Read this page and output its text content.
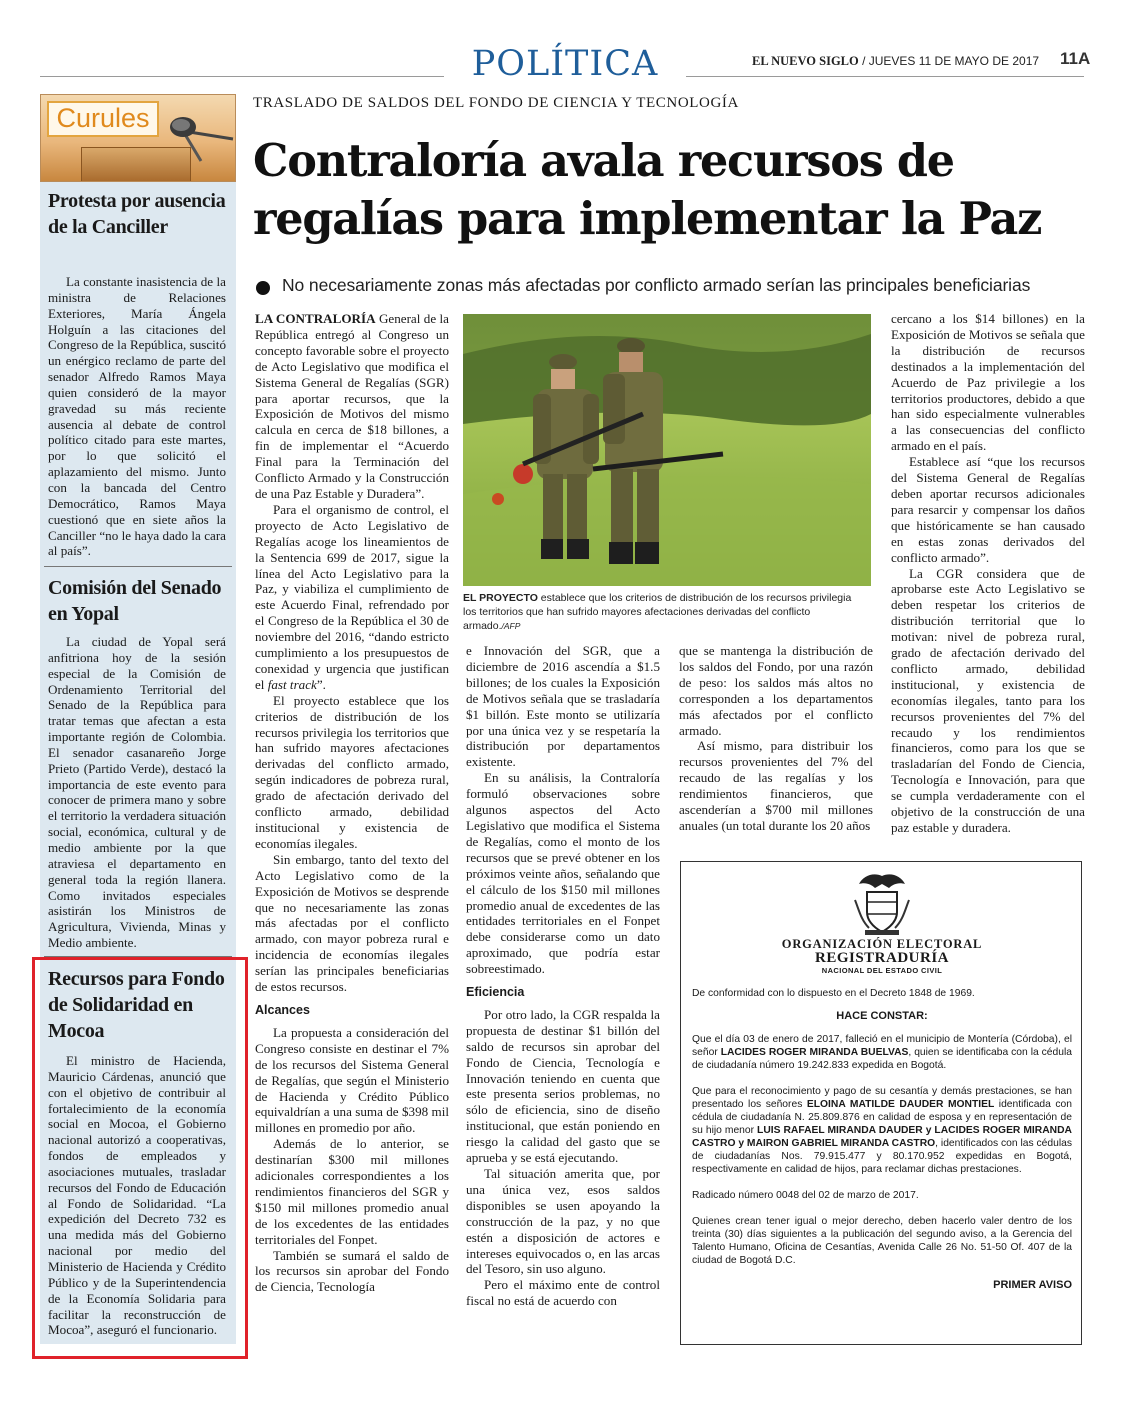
POLÍTICA	EL NUEVO SIGLO / JUEVES 11 DE MAYO DE 2017 11A
Curules
Protesta por ausencia de la Canciller
La constante inasistencia de la ministra de Relaciones Exteriores, María Ángela Holguín a las citaciones del Congreso de la República, suscitó un enérgico reclamo de parte del senador Alfredo Ramos Maya quien consideró de la mayor gravedad su más reciente ausencia al debate de control político citado para este martes, por lo que solicitó el aplazamiento del mismo. Junto con la bancada del Centro Democrático, Ramos Maya cuestionó que en siete años la Canciller “no le haya dado la cara al país”.
Comisión del Senado en Yopal
La ciudad de Yopal será anfitriona hoy de la sesión especial de la Comisión de Ordenamiento Territorial del Senado de la República para tratar temas que afectan a esta importante región de Colombia. El senador casanareño Jorge Prieto (Partido Verde), destacó la importancia de este evento para conocer de primera mano y sobre el territorio la verdadera situación social, económica, cultural y de medio ambiente por la que atraviesa el departamento en general toda la región llanera. Como invitados especiales asistirán los Ministros de Agricultura, Vivienda, Minas y Medio ambiente.
Recursos para Fondo de Solidaridad en Mocoa
El ministro de Hacienda, Mauricio Cárdenas, anunció que con el objetivo de contribuir al fortalecimiento de la economía social en Mocoa, el Gobierno nacional autorizó a cooperativas, fondos de empleados y asociaciones mutuales, trasladar recursos del Fondo de Educación al Fondo de Solidaridad. “La expedición del Decreto 732 es una medida más del Gobierno nacional por medio del Ministerio de Hacienda y Crédito Público y de la Superintendencia de la Economía Solidaria para facilitar la reconstrucción de Mocoa”, aseguró el funcionario.
TRASLADO DE SALDOS DEL FONDO DE CIENCIA Y TECNOLOGÍA
Contraloría avala recursos de regalías para implementar la Paz
No necesariamente zonas más afectadas por conflicto armado serían las principales beneficiarias

LA CONTRALORÍA General de la República entregó al Congreso un concepto favorable sobre el proyecto de Acto Legislativo que modifica el Sistema General de Regalías (SGR) para aportar recursos, que la Exposición de Motivos del mismo calcula en cerca de $18 billones, a fin de implementar el “Acuerdo Final para la Terminación del Conflicto Armado y la Construcción de una Paz Estable y Duradera”.

Para el organismo de control, el proyecto de Acto Legislativo de Regalías acoge los lineamientos de la Sentencia 699 de 2017, sigue la línea del Acto Legislativo para la Paz, y viabiliza el cumplimiento de este Acuerdo Final, refrendado por el Congreso de la República el 30 de noviembre del 2016, “dando estricto cumplimiento a los presupuestos de conexidad y urgencia que justifican el fast track”.

El proyecto establece que los criterios de distribución de los recursos privilegia los territorios que han sufrido mayores afectaciones derivadas del conflicto armado, según indicadores de pobreza rural, grado de afectación derivado del conflicto armado, debilidad institucional y existencia de economías ilegales.

Sin embargo, tanto del texto del Acto Legislativo como de la Exposición de Motivos se desprende que no necesariamente las zonas más afectadas por el conflicto armado, con mayor pobreza rural e incidencia de economías ilegales serían las principales beneficiarias de estos recursos.

Alcances

La propuesta a consideración del Congreso consiste en destinar el 7% de los recursos del Sistema General de Regalías, que según el Ministerio de Hacienda y Crédito Público equivaldrían a una suma de $398 mil millones en promedio por año.

Además de lo anterior, se destinarían $300 mil millones adicionales correspondientes a los rendimientos financieros del SGR y $150 mil millones promedio anual de los excedentes de las entidades territoriales del Fonpet.

También se sumará el saldo de los recursos sin aprobar del Fondo de Ciencia, Tecnología

EL PROYECTO establece que los criterios de distribución de los recursos privilegia los territorios que han sufrido mayores afectaciones derivadas del conflicto armado./AFP

e Innovación del SGR, que a diciembre de 2016 ascendía a $1.5 billones; de los cuales la Exposición de Motivos señala que se trasladaría $1 billón. Este monto se utilizaría por una única vez y se respetaría la distribución por departamentos existente.

En su análisis, la Contraloría formuló observaciones sobre algunos aspectos del Acto Legislativo que modifica el Sistema de Regalías, como el monto de los recursos que se prevé obtener en los próximos veinte años, señalando que el cálculo de los $150 mil millones promedio anual de excedentes de las entidades territoriales en el Fonpet debe considerarse como un dato aproximado, que podría estar sobreestimado.

Eficiencia

Por otro lado, la CGR respalda la propuesta de destinar $1 billón del saldo de recursos sin aprobar del Fondo de Ciencia, Tecnología e Innovación teniendo en cuenta que este presenta serios problemas, no sólo de eficiencia, sino de diseño institucional, que están poniendo en riesgo la calidad del gasto que se aprueba y se está ejecutando.

Tal situación amerita que, por una única vez, esos saldos disponibles se usen apoyando la construcción de la paz, y no que estén a disposición de actores e intereses equivocados o, en las arcas del Tesoro, sin uso alguno.

Pero el máximo ente de control fiscal no está de acuerdo con

que se mantenga la distribución de los saldos del Fondo, por una razón de peso: los saldos más altos no corresponden a los departamentos más afectados por el conflicto armado.

Así mismo, para distribuir los recursos provenientes del 7% del recaudo de las regalías y los rendimientos financieros, que ascenderían a $700 mil millones anuales (un total durante los 20 años

cercano a los $14 billones) en la Exposición de Motivos se señala que la distribución de recursos destinados a la implementación del Acuerdo de Paz privilegie a los territorios productores, debido a que han sido especialmente vulnerables a las consecuencias del conflicto armado en el país.

Establece así “que los recursos del Sistema General de Regalías deben aportar recursos adicionales para resarcir y compensar los daños que históricamente se han causado en estas zonas derivados del conflicto armado”.

La CGR considera que de aprobarse este Acto Legislativo se deben respetar los criterios de distribución territorial que lo motivan: nivel de pobreza rural, grado de afectación derivado del conflicto armado, debilidad institucional, y existencia de economías ilegales, tanto para los recursos provenientes del 7% del recaudo y los rendimientos financieros, como para los que se trasladarían del Fondo de Ciencia, Tecnología e Innovación, para que se cumpla verdaderamente con el objetivo de la construcción de una paz estable y duradera.

ORGANIZACIÓN ELECTORAL
REGISTRADURÍA
NACIONAL DEL ESTADO CIVIL
De conformidad con lo dispuesto en el Decreto 1848 de 1969.
HACE CONSTAR:
Que el día 03 de enero de 2017, falleció en el municipio de Montería (Córdoba), el señor LACIDES ROGER MIRANDA BUELVAS, quien se identificaba con la cédula de ciudadanía número 19.242.833 expedida en Bogotá.
Que para el reconocimiento y pago de su cesantía y demás prestaciones, se han presentado los señores ELOINA MATILDE DAUDER MONTIEL identificada con cédula de ciudadanía N. 25.809.876 en calidad de esposa y en representación de su hijo menor LUIS RAFAEL MIRANDA DAUDER y LACIDES ROGER MIRANDA CASTRO y MAIRON GABRIEL MIRANDA CASTRO, identificados con las cédulas de ciudadanías Nos. 79.915.477 y 80.170.952 expedidas en Bogotá, respectivamente en calidad de hijos, para reclamar dichas prestaciones.
Radicado número 0048 del 02 de marzo de 2017.
Quienes crean tener igual o mejor derecho, deben hacerlo valer dentro de los treinta (30) días siguientes a la publicación del segundo aviso, a la Gerencia del Talento Humano, Oficina de Cesantías, Avenida Calle 26 No. 51-50 Of. 407 de la ciudad de Bogotá D.C.
PRIMER AVISO
